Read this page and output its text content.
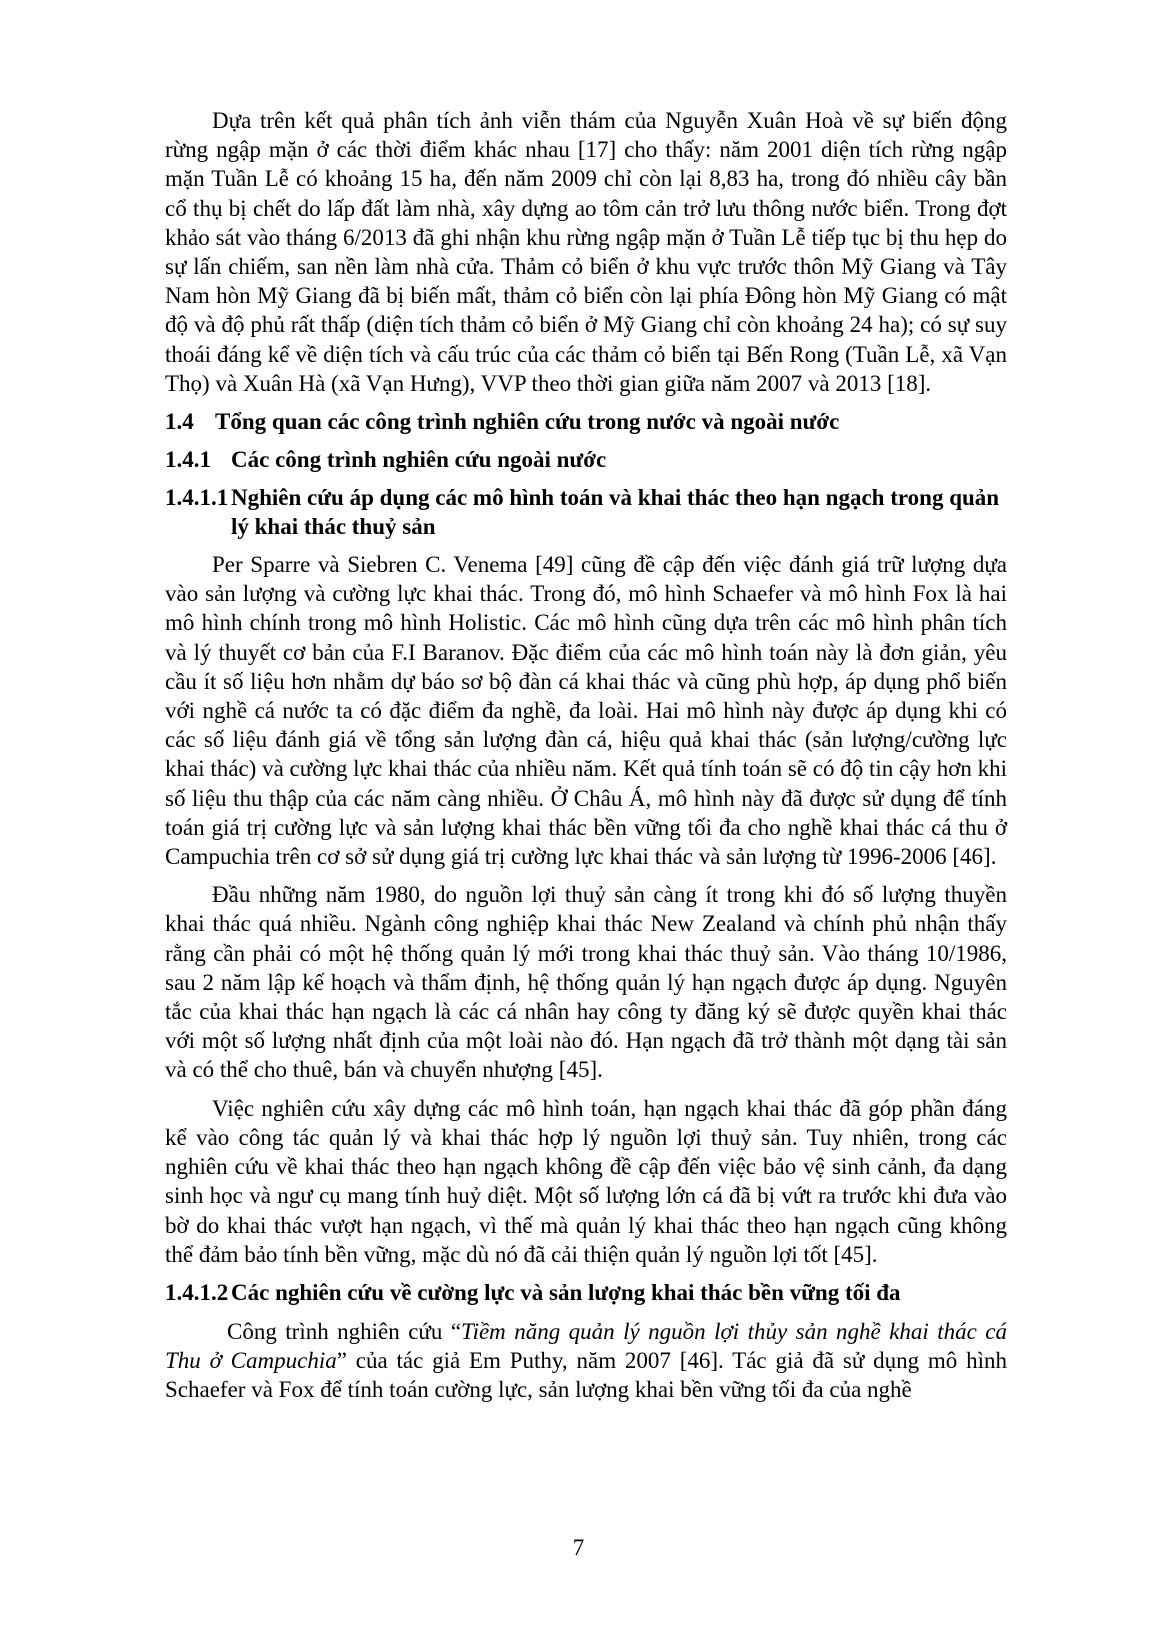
Dựa trên kết quả phân tích ảnh viễn thám của Nguyễn Xuân Hoà về sự biến động rừng ngập mặn ở các thời điểm khác nhau [17] cho thấy: năm 2001 diện tích rừng ngập mặn Tuần Lễ có khoảng 15 ha, đến năm 2009 chỉ còn lại 8,83 ha, trong đó nhiều cây bần cổ thụ bị chết do lấp đất làm nhà, xây dựng ao tôm cản trở lưu thông nước biển. Trong đợt khảo sát vào tháng 6/2013 đã ghi nhận khu rừng ngập mặn ở Tuần Lễ tiếp tục bị thu hẹp do sự lấn chiếm, san nền làm nhà cửa. Thảm cỏ biển ở khu vực trước thôn Mỹ Giang và Tây Nam hòn Mỹ Giang đã bị biến mất, thảm cỏ biển còn lại phía Đông hòn Mỹ Giang có mật độ và độ phủ rất thấp (diện tích thảm cỏ biển ở Mỹ Giang chỉ còn khoảng 24 ha); có sự suy thoái đáng kể về diện tích và cấu trúc của các thảm cỏ biển tại Bến Rong (Tuần Lễ, xã Vạn Thọ) và Xuân Hà (xã Vạn Hưng), VVP theo thời gian giữa năm 2007 và 2013 [18].

1.4 Tổng quan các công trình nghiên cứu trong nước và ngoài nước
1.4.1 Các công trình nghiên cứu ngoài nước
1.4.1.1 Nghiên cứu áp dụng các mô hình toán và khai thác theo hạn ngạch trong quản lý khai thác thuỷ sản

Per Sparre và Siebren C. Venema [49] cũng đề cập đến việc đánh giá trữ lượng dựa vào sản lượng và cường lực khai thác. Trong đó, mô hình Schaefer và mô hình Fox là hai mô hình chính trong mô hình Holistic. Các mô hình cũng dựa trên các mô hình phân tích và lý thuyết cơ bản của F.I Baranov. Đặc điểm của các mô hình toán này là đơn giản, yêu cầu ít số liệu hơn nhằm dự báo sơ bộ đàn cá khai thác và cũng phù hợp, áp dụng phổ biến với nghề cá nước ta có đặc điểm đa nghề, đa loài. Hai mô hình này được áp dụng khi có các số liệu đánh giá về tổng sản lượng đàn cá, hiệu quả khai thác (sản lượng/cường lực khai thác) và cường lực khai thác của nhiều năm. Kết quả tính toán sẽ có độ tin cậy hơn khi số liệu thu thập của các năm càng nhiều. Ở Châu Á, mô hình này đã được sử dụng để tính toán giá trị cường lực và sản lượng khai thác bền vững tối đa cho nghề khai thác cá thu ở Campuchia trên cơ sở sử dụng giá trị cường lực khai thác và sản lượng từ 1996-2006 [46].

Đầu những năm 1980, do nguồn lợi thuỷ sản càng ít trong khi đó số lượng thuyền khai thác quá nhiều. Ngành công nghiệp khai thác New Zealand và chính phủ nhận thấy rằng cần phải có một hệ thống quản lý mới trong khai thác thuỷ sản. Vào tháng 10/1986, sau 2 năm lập kế hoạch và thẩm định, hệ thống quản lý hạn ngạch được áp dụng. Nguyên tắc của khai thác hạn ngạch là các cá nhân hay công ty đăng ký sẽ được quyền khai thác với một số lượng nhất định của một loài nào đó. Hạn ngạch đã trở thành một dạng tài sản và có thể cho thuê, bán và chuyển nhượng [45].

Việc nghiên cứu xây dựng các mô hình toán, hạn ngạch khai thác đã góp phần đáng kể vào công tác quản lý và khai thác hợp lý nguồn lợi thuỷ sản. Tuy nhiên, trong các nghiên cứu về khai thác theo hạn ngạch không đề cập đến việc bảo vệ sinh cảnh, đa dạng sinh học và ngư cụ mang tính huỷ diệt. Một số lượng lớn cá đã bị vứt ra trước khi đưa vào bờ do khai thác vượt hạn ngạch, vì thế mà quản lý khai thác theo hạn ngạch cũng không thể đảm bảo tính bền vững, mặc dù nó đã cải thiện quản lý nguồn lợi tốt [45].

1.4.1.2 Các nghiên cứu về cường lực và sản lượng khai thác bền vững tối đa

Công trình nghiên cứu “Tiềm năng quản lý nguồn lợi thủy sản nghề khai thác cá Thu ở Campuchia” của tác giả Em Puthy, năm 2007 [46]. Tác giả đã sử dụng mô hình Schaefer và Fox để tính toán cường lực, sản lượng khai bền vững tối đa của nghề

7
